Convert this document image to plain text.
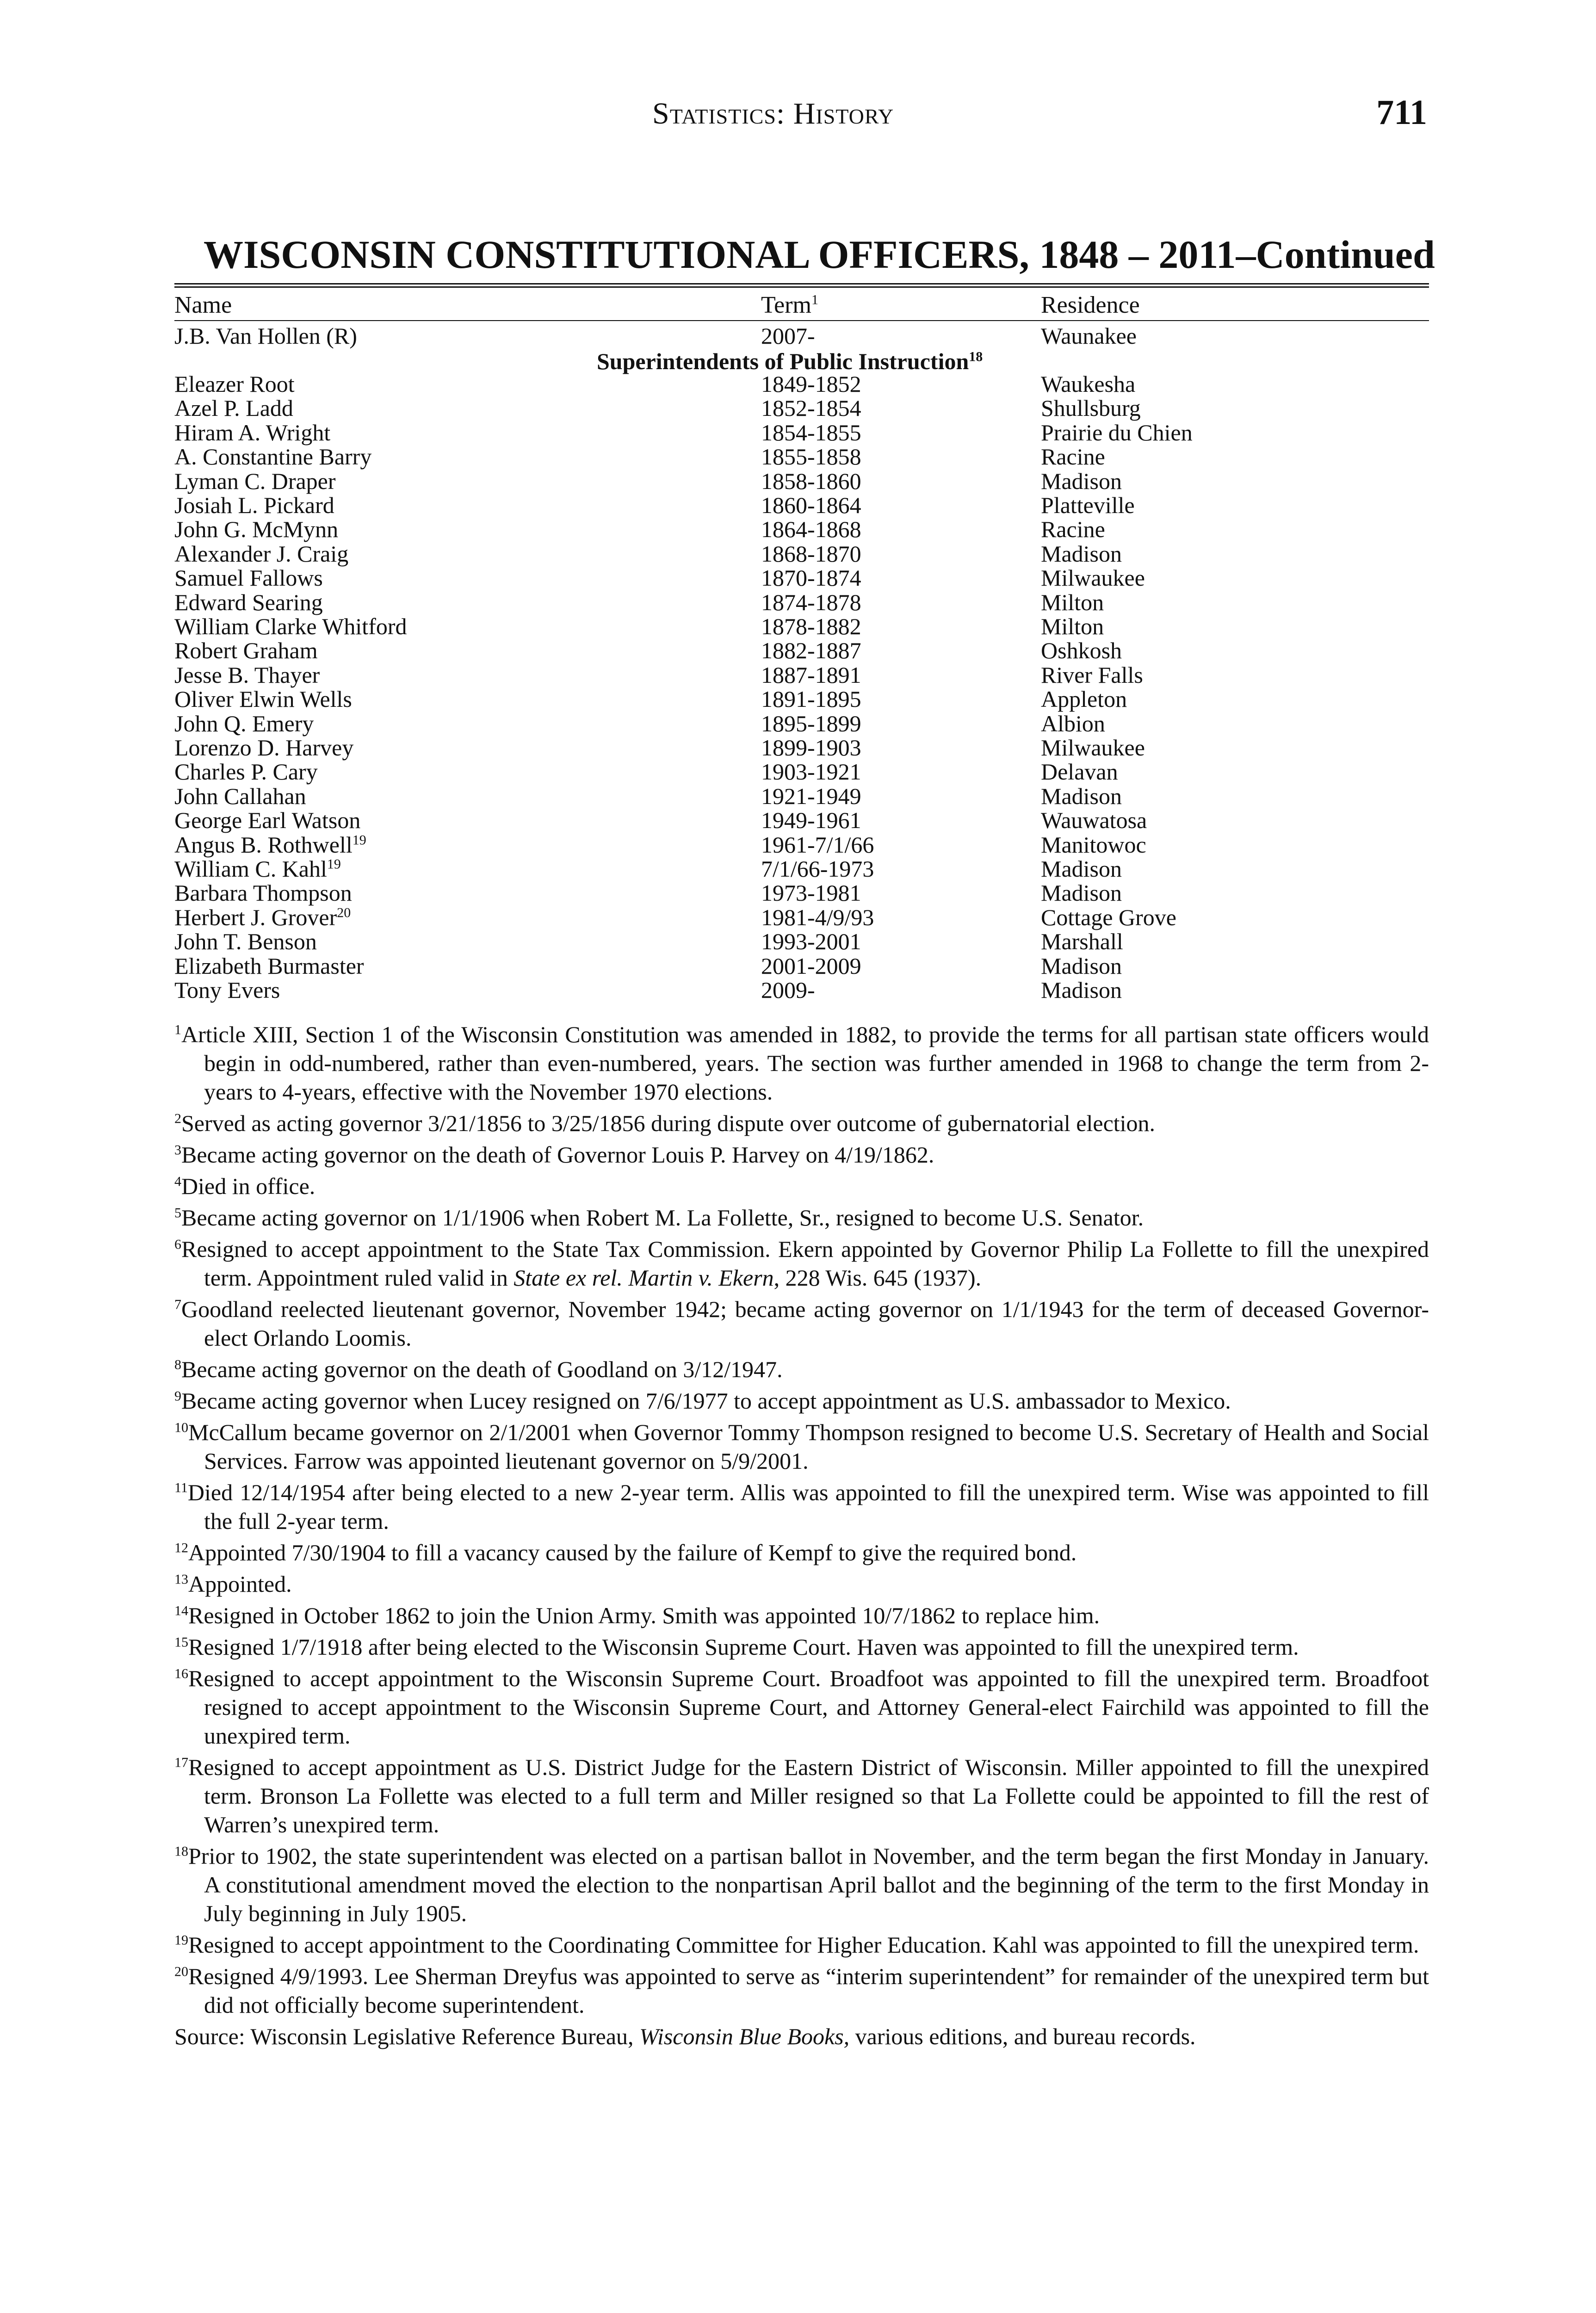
Statistics: History	711
WISCONSIN CONSTITUTIONAL OFFICERS, 1848 – 2011–Continued
Name	Term$^1$	Residence
J.B. Van Hollen (R)	2007-	Waunakee
Superintendents of Public Instruction$^{18}$
Eleazer Root	1849-1852	Waukesha
Azel P. Ladd	1852-1854	Shullsburg
Hiram A. Wright	1854-1855	Prairie du Chien
A. Constantine Barry	1855-1858	Racine
Lyman C. Draper	1858-1860	Madison
Josiah L. Pickard	1860-1864	Platteville
John G. McMynn	1864-1868	Racine
Alexander J. Craig	1868-1870	Madison
Samuel Fallows	1870-1874	Milwaukee
Edward Searing	1874-1878	Milton
William Clarke Whitford	1878-1882	Milton
Robert Graham	1882-1887	Oshkosh
Jesse B. Thayer	1887-1891	River Falls
Oliver Elwin Wells	1891-1895	Appleton
John Q. Emery	1895-1899	Albion
Lorenzo D. Harvey	1899-1903	Milwaukee
Charles P. Cary	1903-1921	Delavan
John Callahan	1921-1949	Madison
George Earl Watson	1949-1961	Wauwatosa
Angus B. Rothwell$^{19}$	1961-7/1/66	Manitowoc
William C. Kahl$^{19}$	7/1/66-1973	Madison
Barbara Thompson	1973-1981	Madison
Herbert J. Grover$^{20}$	1981-4/9/93	Cottage Grove
John T. Benson	1993-2001	Marshall
Elizabeth Burmaster	2001-2009	Madison
Tony Evers	2009-	Madison
$^1$Article XIII, Section 1 of the Wisconsin Constitution was amended in 1882, to provide the terms for all partisan state officers would begin in odd-numbered, rather than even-numbered, years. The section was further amended in 1968 to change the term from 2-years to 4-years, effective with the November 1970 elections.
$^2$Served as acting governor 3/21/1856 to 3/25/1856 during dispute over outcome of gubernatorial election.
$^3$Became acting governor on the death of Governor Louis P. Harvey on 4/19/1862.
$^4$Died in office.
$^5$Became acting governor on 1/1/1906 when Robert M. La Follette, Sr., resigned to become U.S. Senator.
$^6$Resigned to accept appointment to the State Tax Commission. Ekern appointed by Governor Philip La Follette to fill the unexpired term. Appointment ruled valid in State ex rel. Martin v. Ekern, 228 Wis. 645 (1937).
$^7$Goodland reelected lieutenant governor, November 1942; became acting governor on 1/1/1943 for the term of deceased Governor-elect Orlando Loomis.
$^8$Became acting governor on the death of Goodland on 3/12/1947.
$^9$Became acting governor when Lucey resigned on 7/6/1977 to accept appointment as U.S. ambassador to Mexico.
$^{10}$McCallum became governor on 2/1/2001 when Governor Tommy Thompson resigned to become U.S. Secretary of Health and Social Services. Farrow was appointed lieutenant governor on 5/9/2001.
$^{11}$Died 12/14/1954 after being elected to a new 2-year term. Allis was appointed to fill the unexpired term. Wise was appointed to fill the full 2-year term.
$^{12}$Appointed 7/30/1904 to fill a vacancy caused by the failure of Kempf to give the required bond.
$^{13}$Appointed.
$^{14}$Resigned in October 1862 to join the Union Army. Smith was appointed 10/7/1862 to replace him.
$^{15}$Resigned 1/7/1918 after being elected to the Wisconsin Supreme Court. Haven was appointed to fill the unexpired term.
$^{16}$Resigned to accept appointment to the Wisconsin Supreme Court. Broadfoot was appointed to fill the unexpired term. Broadfoot resigned to accept appointment to the Wisconsin Supreme Court, and Attorney General-elect Fairchild was appointed to fill the unexpired term.
$^{17}$Resigned to accept appointment as U.S. District Judge for the Eastern District of Wisconsin. Miller appointed to fill the unexpired term. Bronson La Follette was elected to a full term and Miller resigned so that La Follette could be appointed to fill the rest of Warren’s unexpired term.
$^{18}$Prior to 1902, the state superintendent was elected on a partisan ballot in November, and the term began the first Monday in January. A constitutional amendment moved the election to the nonpartisan April ballot and the beginning of the term to the first Monday in July beginning in July 1905.
$^{19}$Resigned to accept appointment to the Coordinating Committee for Higher Education. Kahl was appointed to fill the unexpired term.
$^{20}$Resigned 4/9/1993. Lee Sherman Dreyfus was appointed to serve as “interim superintendent” for remainder of the unexpired term but did not officially become superintendent.
Source: Wisconsin Legislative Reference Bureau, Wisconsin Blue Books, various editions, and bureau records.
